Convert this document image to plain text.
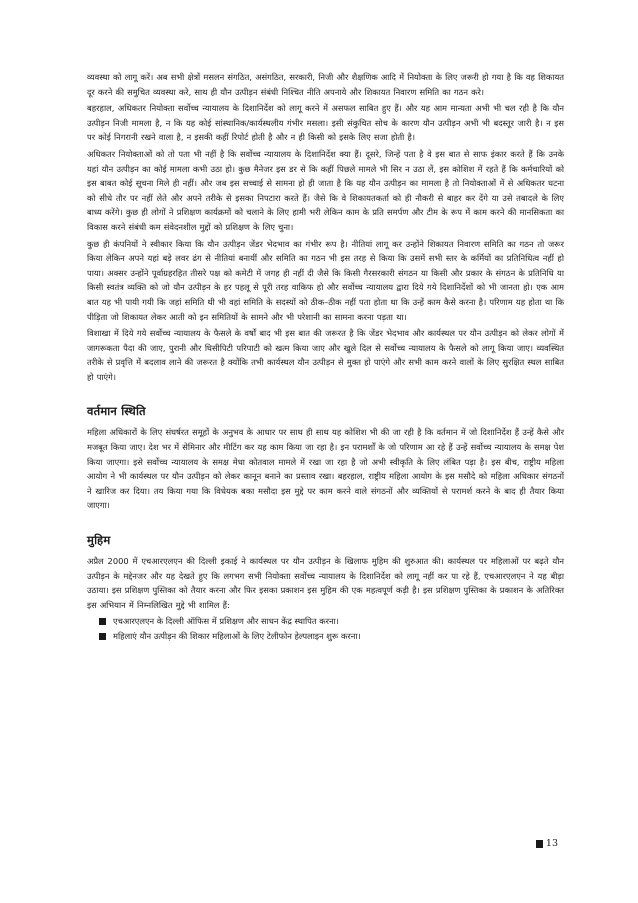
व्यवस्था को लागू करें। अब सभी क्षेत्रों मसलन संगठित, असंगठित, सरकारी, निजी और शैक्षणिक आदि में नियोक्ता के लिए जरूरी हो गया है कि वह शिकायत दूर करने की समुचित व्यवस्था करे, साथ ही यौन उत्पीड़न संबंधी निश्चित नीति अपनाये और शिकायत निवारण समिति का गठन करे।

बहरहाल, अधिकतर नियोक्ता सर्वोच्च न्यायालय के दिशानिर्देश को लागू करने में असफल साबित हुए हैं। और यह आम मान्यता अभी भी चल रही है कि यौन उत्पीड़न निजी मामला है, न कि यह कोई सांस्थानिक/कार्यस्थलीय गंभीर मसला। इसी संकुचित सोच के कारण यौन उत्पीड़न अभी भी बदस्तूर जारी है। न इस पर कोई निगरानी रखने वाला है, न इसकी कहीं रिपोर्ट होती है और न ही किसी को इसके लिए सजा होती है।

अधिकतर नियोक्ताओं को तो पता भी नहीं है कि सर्वोच्च न्यायालय के दिशानिर्देश क्या हैं। दूसरे, जिन्हें पता है वे इस बात से साफ इंकार करते हैं कि उनके यहां यौन उत्पीड़न का कोई मामला कभी उठा हो। कुछ मैनेजर इस डर से कि कहीं पिछले मामले भी सिर न उठा लें, इस कोशिश में रहते हैं कि कर्मचारियों को इस बाबत कोई सूचना मिले ही नहीं। और जब इस सच्चाई से सामना हो ही जाता है कि यह यौन उत्पीड़न का मामला है तो नियोक्ताओं में से अधिकतर घटना को सीधे तौर पर नहीं लेते और अपने तरीके से इसका निपटारा करते हैं। जैसे कि वे शिकायतकर्ता को ही नौकरी से बाहर कर देंगे या उसे तबादले के लिए बाध्य करेंगे। कुछ ही लोगों ने प्रशिक्षण कार्यक्रमों को चलाने के लिए हामी भरी लेकिन काम के प्रति समर्पण और टीम के रूप में काम करने की मानसिकता का विकास करने संबंधी कम संवेदनशील मुद्दों को प्रशिक्षण के लिए चुना।

कुछ ही कंपनियों ने स्वीकार किया कि यौन उत्पीड़न जेंडर भेदभाव का गंभीर रूप है। नीतियां लागू कर उन्होंने शिकायत निवारण समिति का गठन तो जरूर किया लेकिन अपने यहां बड़े लवर ढंग से नीतियां बनायीं और समिति का गठन भी इस तरह से किया कि उसमें सभी स्तर के कर्मियों का प्रतिनिधित्व नहीं हो पाया। अक्सर उन्होंने पूर्वाग्रहरहित तीसरे पक्ष को कमेटी में जगह ही नहीं दी जैसे कि किसी गैरसरकारी संगठन या किसी और प्रकार के संगठन के प्रतिनिधि या किसी स्वतंत्र व्यक्ति को जो यौन उत्पीड़न के हर पहलू से पूरी तरह वाकिफ हो और सर्वोच्च न्यायालय द्वारा दिये गये दिशानिर्देशों को भी जानता हो। एक आम बात यह भी पायी गयी कि जहां समिति थी भी वहां समिति के सदस्यों को ठीक–ठीक नहीं पता होता था कि उन्हें काम कैसे करना है। परिणाम यह होता था कि पीड़िता जो शिकायत लेकर आती को इन समितियों के सामने और भी परेशानी का सामना करना पड़ता था।

विशाखा में दिये गये सर्वोच्च न्यायालय के फैसले के वर्षों बाद भी इस बात की जरूरत है कि जेंडर भेदभाव और कार्यस्थल पर यौन उत्पीड़न को लेकर लोगों में जागरूकता पैदा की जाए, पुरानी और घिसीपिटी परिपाटी को खत्म किया जाए और खुले दिल से सर्वोच्च न्यायालय के फैसले को लागू किया जाए। व्यवस्थित तरीके से प्रवृत्ति में बदलाव लाने की जरूरत है क्योंकि तभी कार्यस्थल यौन उत्पीड़न से मुक्त हो पाएंगे और सभी काम करने वालों के लिए सुरक्षित स्थल साबित हो पाएंगे।

वर्तमान स्थिति

महिला अधिकारों के लिए संघर्षरत समूहों के अनुभव के आधार पर साथ ही साथ यह कोशिश भी की जा रही है कि वर्तमान में जो दिशानिर्देश हैं उन्हें कैसे और मजबूत किया जाए। देश भर में सेमिनार और मीटिंग कर यह काम किया जा रहा है। इन परामर्शों के जो परिणाम आ रहे हैं उन्हें सर्वोच्च न्यायालय के समक्ष पेश किया जाएगा। इसे सर्वोच्च न्यायालय के समक्ष मेधा कोतवाल मामले में रखा जा रहा है जो अभी स्वीकृति के लिए लंबित पड़ा है। इस बीच, राष्ट्रीय महिला आयोग ने भी कार्यस्थल पर यौन उत्पीड़न को लेकर कानून बनाने का प्रस्ताव रखा। बहरहाल, राष्ट्रीय महिला आयोग के इस मसौदे को महिला अधिकार संगठनों ने खारिज कर दिया। तय किया गया कि विधेयक बका मसौदा इस मुद्दे पर काम करने वाले संगठनों और व्यक्तियों से परामर्श करने के बाद ही तैयार किया जाएगा।

मुहिम

अप्रैल 2000 में एचआरएलएन की दिल्ली इकाई ने कार्यस्थल पर यौन उत्पीड़न के खिलाफ मुहिम की शुरुआत की। कार्यस्थल पर महिलाओं पर बढ़ते यौन उत्पीड़न के मद्देनजर और यह देखते हुए कि लगभग सभी नियोक्ता सर्वोच्च न्यायालय के दिशानिर्देश को लागू नहीं कर पा रहे हैं, एचआरएलएन ने यह बीड़ा उठाया। इस प्रशिक्षण पुस्तिका को तैयार करना और फिर इसका प्रकाशन इस मुहिम की एक महत्वपूर्ण कड़ी है। इस प्रशिक्षण पुस्तिका के प्रकाशन के अतिरिक्त इस अभियान में निम्नलिखित मुद्दे भी शामिल हैं:

एचआरएलएन के दिल्ली ऑफिस में प्रशिक्षण और साधन केंद्र स्थापित करना।
महिलाएं यौन उत्पीड़न की शिकार महिलाओं के लिए टेलीफोन हेल्पलाइन शुरू करना।
13
